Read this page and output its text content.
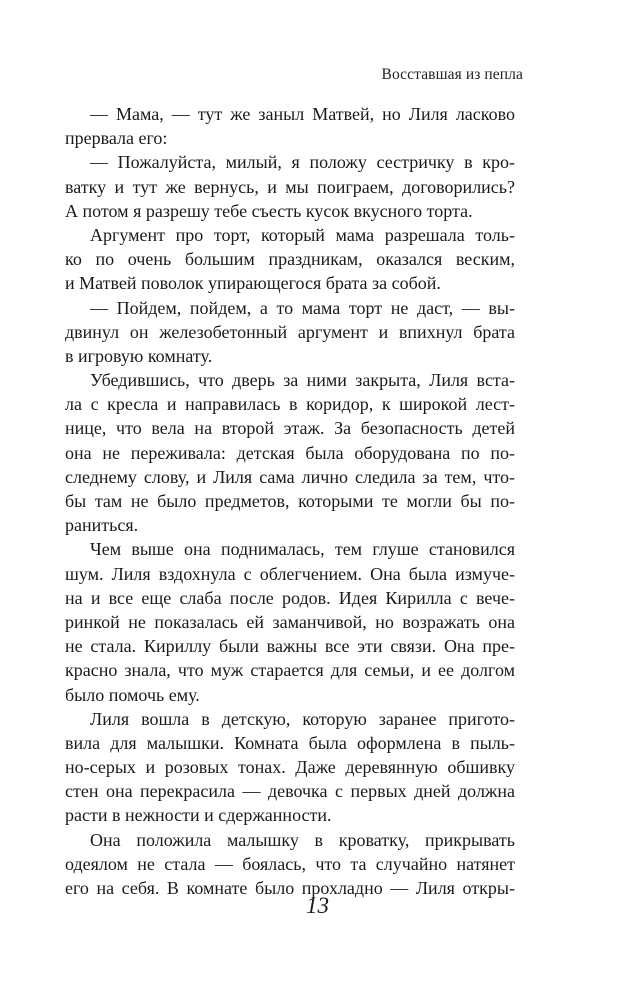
Восставшая из пепла
— Мама, — тут же заныл Матвей, но Лиля ласково
прервала его:
— Пожалуйста, милый, я положу сестричку в кро-
ватку и тут же вернусь, и мы поиграем, договорились?
А потом я разрешу тебе съесть кусок вкусного торта.
Аргумент про торт, который мама разрешала толь-
ко по очень большим праздникам, оказался веским,
и Матвей поволок упирающегося брата за собой.
— Пойдем, пойдем, а то мама торт не даст, — вы-
двинул он железобетонный аргумент и впихнул брата
в игровую комнату.
Убедившись, что дверь за ними закрыта, Лиля вста-
ла с кресла и направилась в коридор, к широкой лест-
нице, что вела на второй этаж. За безопасность детей
она не переживала: детская была оборудована по по-
следнему слову, и Лиля сама лично следила за тем, что-
бы там не было предметов, которыми те могли бы по-
раниться.
Чем выше она поднималась, тем глуше становился
шум. Лиля вздохнула с облегчением. Она была измуче-
на и все еще слаба после родов. Идея Кирилла с вече-
ринкой не показалась ей заманчивой, но возражать она
не стала. Кириллу были важны все эти связи. Она пре-
красно знала, что муж старается для семьи, и ее долгом
было помочь ему.
Лиля вошла в детскую, которую заранее пригото-
вила для малышки. Комната была оформлена в пыль-
но-серых и розовых тонах. Даже деревянную обшивку
стен она перекрасила — девочка с первых дней должна
расти в нежности и сдержанности.
Она положила малышку в кроватку, прикрывать
одеялом не стала — боялась, что та случайно натянет
его на себя. В комнате было прохладно — Лиля откры-
13
